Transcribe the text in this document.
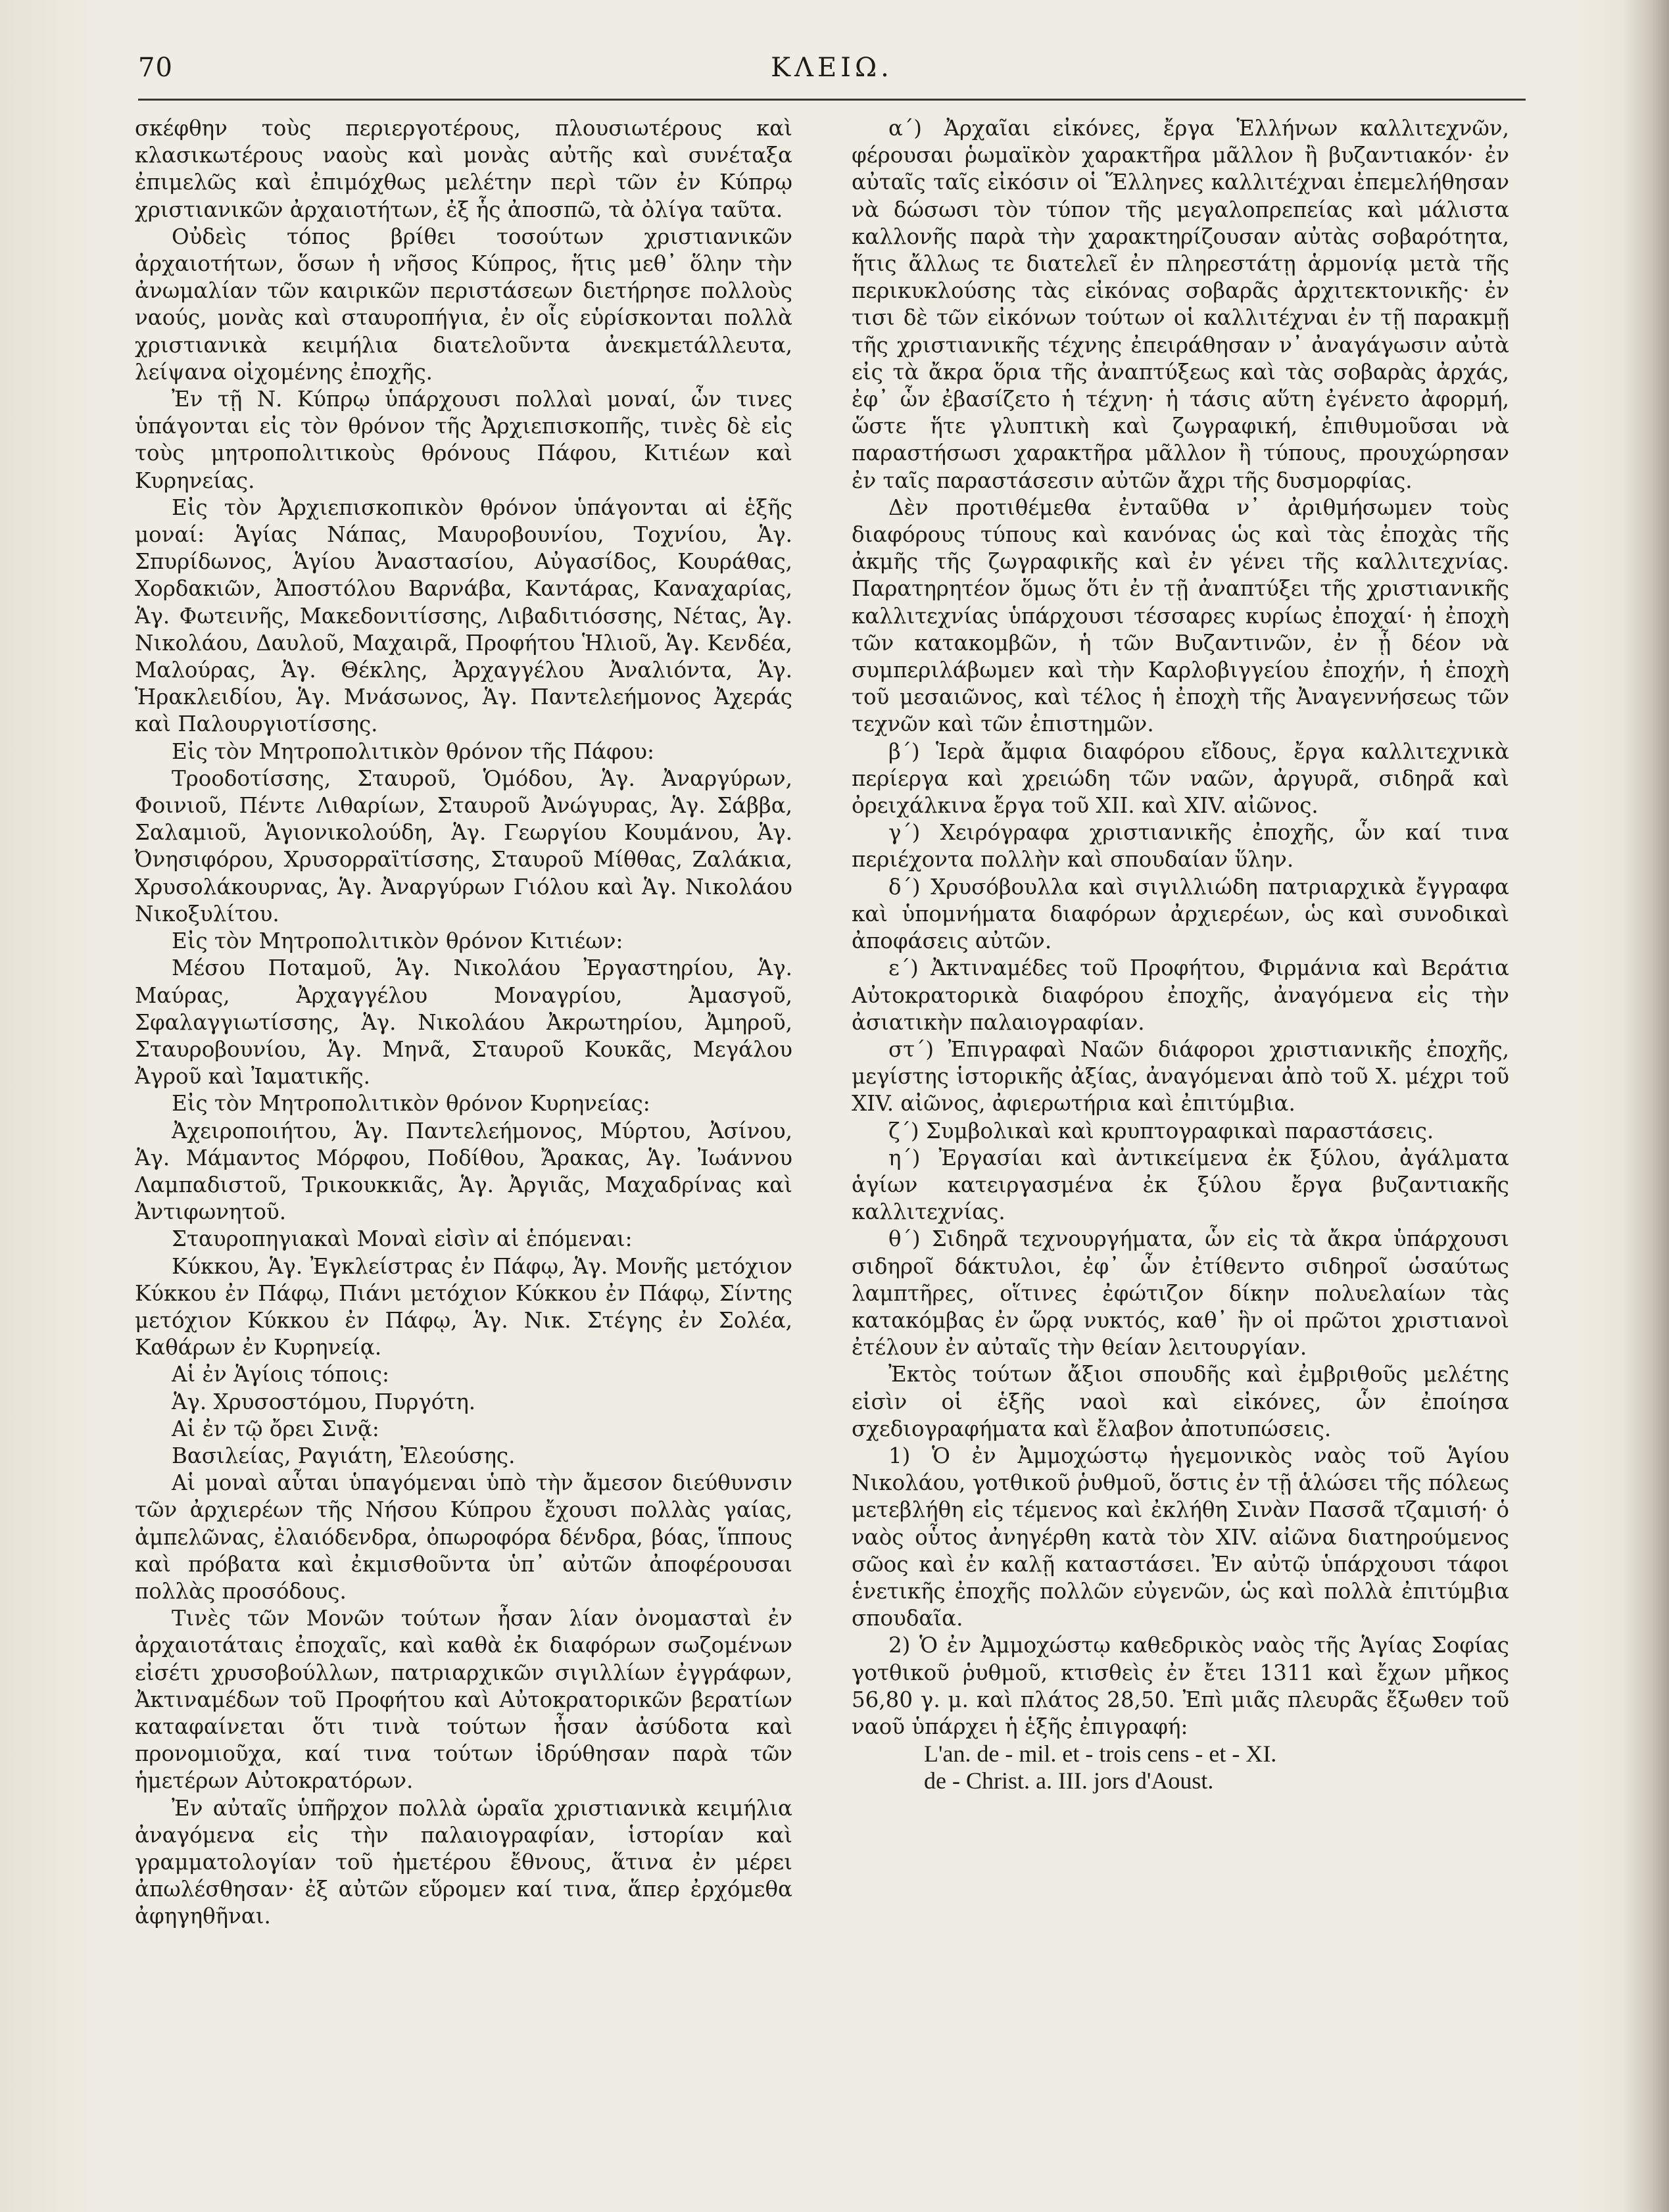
70	ΚΛΕΙΩ.

σκέφθην τοὺς περιεργοτέρους, πλουσιωτέρους καὶ κλασικωτέρους ναοὺς καὶ μονὰς αὐτῆς καὶ συνέταξα ἐπιμελῶς καὶ ἐπιμόχθως μελέτην περὶ τῶν ἐν Κύπρῳ χριστιανικῶν ἀρχαιοτήτων, ἐξ ἧς ἀποσπῶ, τὰ ὀλίγα ταῦτα.

Οὐδεὶς τόπος βρίθει τοσούτων χριστιανικῶν ἀρχαιοτήτων, ὅσων ἡ νῆσος Κύπρος, ἥτις μεθ᾽ ὅλην τὴν ἀνωμαλίαν τῶν καιρικῶν περιστάσεων διετήρησε πολλοὺς ναούς, μονὰς καὶ σταυροπήγια, ἐν οἷς εὑρίσκονται πολλὰ χριστιανικὰ κειμήλια διατελοῦντα ἀνεκμετάλλευτα, λείψανα οἰχομένης ἐποχῆς.

Ἐν τῇ Ν. Κύπρῳ ὑπάρχουσι πολλαὶ μοναί, ὧν τινες ὑπάγονται εἰς τὸν θρόνον τῆς Ἀρχιεπισκοπῆς, τινὲς δὲ εἰς τοὺς μητροπολιτικοὺς θρόνους Πάφου, Κιτιέων καὶ Κυρηνείας.

Εἰς τὸν Ἀρχιεπισκοπικὸν θρόνον ὑπάγονται αἱ ἑξῆς μοναί: Ἁγίας Νάπας, Μαυροβουνίου, Τοχνίου, Ἁγ. Σπυρίδωνος, Ἁγίου Ἀναστασίου, Αὐγασίδος, Κουράθας, Χορδακιῶν, Ἀποστόλου Βαρνάβα, Καντάρας, Καναχαρίας, Ἁγ. Φωτεινῆς, Μακεδονιτίσσης, Λιβαδιτιόσσης, Νέτας, Ἁγ. Νικολάου, Δαυλοῦ, Μαχαιρᾶ, Προφήτου Ἡλιοῦ, Ἁγ. Κενδέα, Μαλούρας, Ἁγ. Θέκλης, Ἀρχαγγέλου Ἀναλιόντα, Ἁγ. Ἡρακλειδίου, Ἁγ. Μνάσωνος, Ἁγ. Παντελεήμονος Ἀχεράς καὶ Παλουργιοτίσσης.

Εἰς τὸν Μητροπολιτικὸν θρόνον τῆς Πάφου:

Τροοδοτίσσης, Σταυροῦ, Ὁμόδου, Ἁγ. Ἀναργύρων, Φοινιοῦ, Πέντε Λιθαρίων, Σταυροῦ Ἀνώγυρας, Ἁγ. Σάββα, Σαλαμιοῦ, Ἁγιονικολούδη, Ἁγ. Γεωργίου Κουμάνου, Ἁγ. Ὀνησιφόρου, Χρυσορραϊτίσσης, Σταυροῦ Μίθθας, Ζαλάκια, Χρυσολάκουρνας, Ἁγ. Ἀναργύρων Γιόλου καὶ Ἁγ. Νικολάου Νικοξυλίτου.

Εἰς τὸν Μητροπολιτικὸν θρόνον Κιτιέων:

Μέσου Ποταμοῦ, Ἁγ. Νικολάου Ἐργαστηρίου, Ἁγ. Μαύρας, Ἀρχαγγέλου Μοναγρίου, Ἀμασγοῦ, Σφαλαγγιωτίσσης, Ἁγ. Νικολάου Ἀκρωτηρίου, Ἀμηροῦ, Σταυροβουνίου, Ἁγ. Μηνᾶ, Σταυροῦ Κουκᾶς, Μεγάλου Ἀγροῦ καὶ Ἰαματικῆς.

Εἰς τὸν Μητροπολιτικὸν θρόνον Κυρηνείας:

Ἀχειροποιήτου, Ἁγ. Παντελεήμονος, Μύρτου, Ἀσίνου, Ἁγ. Μάμαντος Μόρφου, Ποδίθου, Ἄρακας, Ἁγ. Ἰωάννου Λαμπαδιστοῦ, Τρικουκκιᾶς, Ἁγ. Ἀργιᾶς, Μαχαδρίνας καὶ Ἀντιφωνητοῦ.

Σταυροπηγιακαὶ Μοναὶ εἰσὶν αἱ ἑπόμεναι:

Κύκκου, Ἁγ. Ἐγκλείστρας ἐν Πάφῳ, Ἁγ. Μονῆς μετόχιον Κύκκου ἐν Πάφῳ, Πιάνι μετόχιον Κύκκου ἐν Πάφῳ, Σίντης μετόχιον Κύκκου ἐν Πάφῳ, Ἁγ. Νικ. Στέγης ἐν Σολέα, Καθάρων ἐν Κυρηνείᾳ.

Αἱ ἐν Ἁγίοις τόποις:

Ἁγ. Χρυσοστόμου, Πυργότη.

Αἱ ἐν τῷ ὄρει Σινᾷ:

Βασιλείας, Ραγιάτη, Ἐλεούσης.

Αἱ μοναὶ αὗται ὑπαγόμεναι ὑπὸ τὴν ἄμεσον διεύθυνσιν τῶν ἀρχιερέων τῆς Νήσου Κύπρου ἔχουσι πολλὰς γαίας, ἀμπελῶνας, ἐλαιόδενδρα, ὀπωροφόρα δένδρα, βόας, ἵππους καὶ πρόβατα καὶ ἐκμισθοῦντα ὑπ᾽ αὐτῶν ἀποφέρουσαι πολλὰς προσόδους.

Τινὲς τῶν Μονῶν τούτων ἦσαν λίαν ὀνομασταὶ ἐν ἀρχαιοτάταις ἐποχαῖς, καὶ καθὰ ἐκ διαφόρων σωζομένων εἰσέτι χρυσοβούλλων, πατριαρχικῶν σιγιλλίων ἐγγράφων, Ἀκτιναμέδων τοῦ Προφήτου καὶ Αὐτοκρατορικῶν βερατίων καταφαίνεται ὅτι τινὰ τούτων ἦσαν ἀσύδοτα καὶ προνομιοῦχα, καί τινα τούτων ἱδρύθησαν παρὰ τῶν ἡμετέρων Αὐτοκρατόρων.

Ἐν αὐταῖς ὑπῆρχον πολλὰ ὡραῖα χριστιανικὰ κειμήλια ἀναγόμενα εἰς τὴν παλαιογραφίαν, ἱστορίαν καὶ γραμματολογίαν τοῦ ἡμετέρου ἔθνους, ἅτινα ἐν μέρει ἀπωλέσθησαν· ἐξ αὐτῶν εὕρομεν καί τινα, ἅπερ ἐρχόμεθα ἀφηγηθῆναι.

α´) Ἀρχαῖαι εἰκόνες, ἔργα Ἑλλήνων καλλιτεχνῶν, φέρουσαι ῥωμαϊκὸν χαρακτῆρα μᾶλλον ἢ βυζαντιακόν· ἐν αὐταῖς ταῖς εἰκόσιν οἱ Ἕλληνες καλλιτέχναι ἐπεμελήθησαν νὰ δώσωσι τὸν τύπον τῆς μεγαλοπρεπείας καὶ μάλιστα καλλονῆς παρὰ τὴν χαρακτηρίζουσαν αὐτὰς σοβαρότητα, ἥτις ἄλλως τε διατελεῖ ἐν πληρεστάτῃ ἁρμονίᾳ μετὰ τῆς περικυκλούσης τὰς εἰκόνας σοβαρᾶς ἀρχιτεκτονικῆς· ἐν τισι δὲ τῶν εἰκόνων τούτων οἱ καλλιτέχναι ἐν τῇ παρακμῇ τῆς χριστιανικῆς τέχνης ἐπειράθησαν ν᾽ ἀναγάγωσιν αὐτὰ εἰς τὰ ἄκρα ὅρια τῆς ἀναπτύξεως καὶ τὰς σοβαρὰς ἀρχάς, ἐφ᾽ ὧν ἐβασίζετο ἡ τέχνη· ἡ τάσις αὕτη ἐγένετο ἀφορμή, ὥστε ἥτε γλυπτικὴ καὶ ζωγραφική, ἐπιθυμοῦσαι νὰ παραστήσωσι χαρακτῆρα μᾶλλον ἢ τύπους, προυχώρησαν ἐν ταῖς παραστάσεσιν αὐτῶν ἄχρι τῆς δυσμορφίας.

Δὲν προτιθέμεθα ἐνταῦθα ν᾽ ἀριθμήσωμεν τοὺς διαφόρους τύπους καὶ κανόνας ὡς καὶ τὰς ἐποχὰς τῆς ἀκμῆς τῆς ζωγραφικῆς καὶ ἐν γένει τῆς καλλιτεχνίας. Παρατηρητέον ὅμως ὅτι ἐν τῇ ἀναπτύξει τῆς χριστιανικῆς καλλιτεχνίας ὑπάρχουσι τέσσαρες κυρίως ἐποχαί· ἡ ἐποχὴ τῶν κατακομβῶν, ἡ τῶν Βυζαντινῶν, ἐν ᾗ δέον νὰ συμπεριλάβωμεν καὶ τὴν Καρλοβιγγείου ἐποχήν, ἡ ἐποχὴ τοῦ μεσαιῶνος, καὶ τέλος ἡ ἐποχὴ τῆς Ἀναγεννήσεως τῶν τεχνῶν καὶ τῶν ἐπιστημῶν.

β´) Ἱερὰ ἄμφια διαφόρου εἴδους, ἔργα καλλιτεχνικὰ περίεργα καὶ χρειώδη τῶν ναῶν, ἀργυρᾶ, σιδηρᾶ καὶ ὀρειχάλκινα ἔργα τοῦ XII. καὶ XIV. αἰῶνος.

γ´) Χειρόγραφα χριστιανικῆς ἐποχῆς, ὧν καί τινα περιέχοντα πολλὴν καὶ σπουδαίαν ὕλην.

δ´) Χρυσόβουλλα καὶ σιγιλλιώδη πατριαρχικὰ ἔγγραφα καὶ ὑπομνήματα διαφόρων ἀρχιερέων, ὡς καὶ συνοδικαὶ ἀποφάσεις αὐτῶν.

ε´) Ἀκτιναμέδες τοῦ Προφήτου, Φιρμάνια καὶ Βεράτια Αὐτοκρατορικὰ διαφόρου ἐποχῆς, ἀναγόμενα εἰς τὴν ἀσιατικὴν παλαιογραφίαν.

στ´) Ἐπιγραφαὶ Ναῶν διάφοροι χριστιανικῆς ἐποχῆς, μεγίστης ἱστορικῆς ἀξίας, ἀναγόμεναι ἀπὸ τοῦ Χ. μέχρι τοῦ XIV. αἰῶνος, ἀφιερωτήρια καὶ ἐπιτύμβια.

ζ´) Συμβολικαὶ καὶ κρυπτογραφικαὶ παραστάσεις.

η´) Ἐργασίαι καὶ ἀντικείμενα ἐκ ξύλου, ἀγάλματα ἁγίων κατειργασμένα ἐκ ξύλου ἔργα βυζαντιακῆς καλλιτεχνίας.

θ´) Σιδηρᾶ τεχνουργήματα, ὧν εἰς τὰ ἄκρα ὑπάρχουσι σιδηροῖ δάκτυλοι, ἐφ᾽ ὧν ἐτίθεντο σιδηροῖ ὡσαύτως λαμπτῆρες, οἵτινες ἐφώτιζον δίκην πολυελαίων τὰς κατακόμβας ἐν ὥρᾳ νυκτός, καθ᾽ ἣν οἱ πρῶτοι χριστιανοὶ ἐτέλουν ἐν αὐταῖς τὴν θείαν λειτουργίαν.

Ἐκτὸς τούτων ἄξιοι σπουδῆς καὶ ἐμβριθοῦς μελέτης εἰσὶν οἱ ἑξῆς ναοὶ καὶ εἰκόνες, ὧν ἐποίησα σχεδιογραφήματα καὶ ἔλαβον ἀποτυπώσεις.

1) Ὁ ἐν Ἀμμοχώστῳ ἡγεμονικὸς ναὸς τοῦ Ἁγίου Νικολάου, γοτθικοῦ ῥυθμοῦ, ὅστις ἐν τῇ ἁλώσει τῆς πόλεως μετεβλήθη εἰς τέμενος καὶ ἐκλήθη Σινὰν Πασσᾶ τζαμισή· ὁ ναὸς οὗτος ἀνηγέρθη κατὰ τὸν XIV. αἰῶνα διατηρούμενος σῶος καὶ ἐν καλῇ καταστάσει. Ἐν αὐτῷ ὑπάρχουσι τάφοι ἑνετικῆς ἐποχῆς πολλῶν εὐγενῶν, ὡς καὶ πολλὰ ἐπιτύμβια σπουδαῖα.

2) Ὁ ἐν Ἀμμοχώστῳ καθεδρικὸς ναὸς τῆς Ἁγίας Σοφίας γοτθικοῦ ῥυθμοῦ, κτισθεὶς ἐν ἔτει 1311 καὶ ἔχων μῆκος 56,80 γ. μ. καὶ πλάτος 28,50. Ἐπὶ μιᾶς πλευρᾶς ἔξωθεν τοῦ ναοῦ ὑπάρχει ἡ ἑξῆς ἐπιγραφή:

L'an. de - mil. et - trois cens - et - XI.

de - Christ. a. III. jors d'Aoust.
